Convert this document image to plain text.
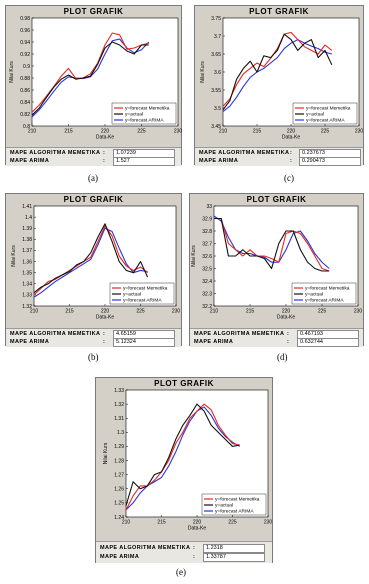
PLOT GRAFIK
0.8
0.82
0.84
0.86
0.88
0.9
0.92
0.94
0.96
0.98
210	215	220	225	230
Data-Ke
Nilai Kurs
y=forecast Memetika
y=actual
y=forecast ARIMA
MAPE ALGORITMA MEMETIKA :	1.07239
MAPE ARIMA	:	1.527
(a)
PLOT GRAFIK
3.45
3.5
3.55
3.6
3.65
3.7
3.75
210	215	220	225	230
Data-Ke
Nilai Kurs
y=forecast Memetika
y=actual
y=forecast ARIMA
MAPE ALGORITMA MEMETIKA :	0.237673
MAPE ARIMA	:	0.290473
(c)
PLOT GRAFIK
1.32
1.33
1.34
1.35
1.36
1.37
1.38
1.39
1.4
1.41
210	215	220	225	230
Data-Ke
Nilai Kurs
y=forecast Memetika
y=actual
y=forecast ARIMA
MAPE ALGORITMA MEMETIKA :	4.65159
MAPE ARIMA	:	5.12324
(b)
PLOT GRAFIK
32.2
32.3
32.4
32.5
32.6
32.7
32.8
32.9
33
210	215	220	225	230
Data-Ke
Nilai Kurs
y=forecast Memetika
y=actual
y=forecast ARIMA
MAPE ALGORITMA MEMETIKA :	0.467193
MAPE ARIMA	:	0.632744
(d)
PLOT GRAFIK
1.24
1.25
1.26
1.27
1.28
1.29
1.3
1.31
1.32
1.33
210	215	220	225	230
Data-Ke
Nilai Kurs
y=forecast Memetika
y=actual
y=forecast ARIMA
MAPE ALGORITMA MEMETIKA :	1.2318
MAPE ARIMA	:	1.33787
(e)
